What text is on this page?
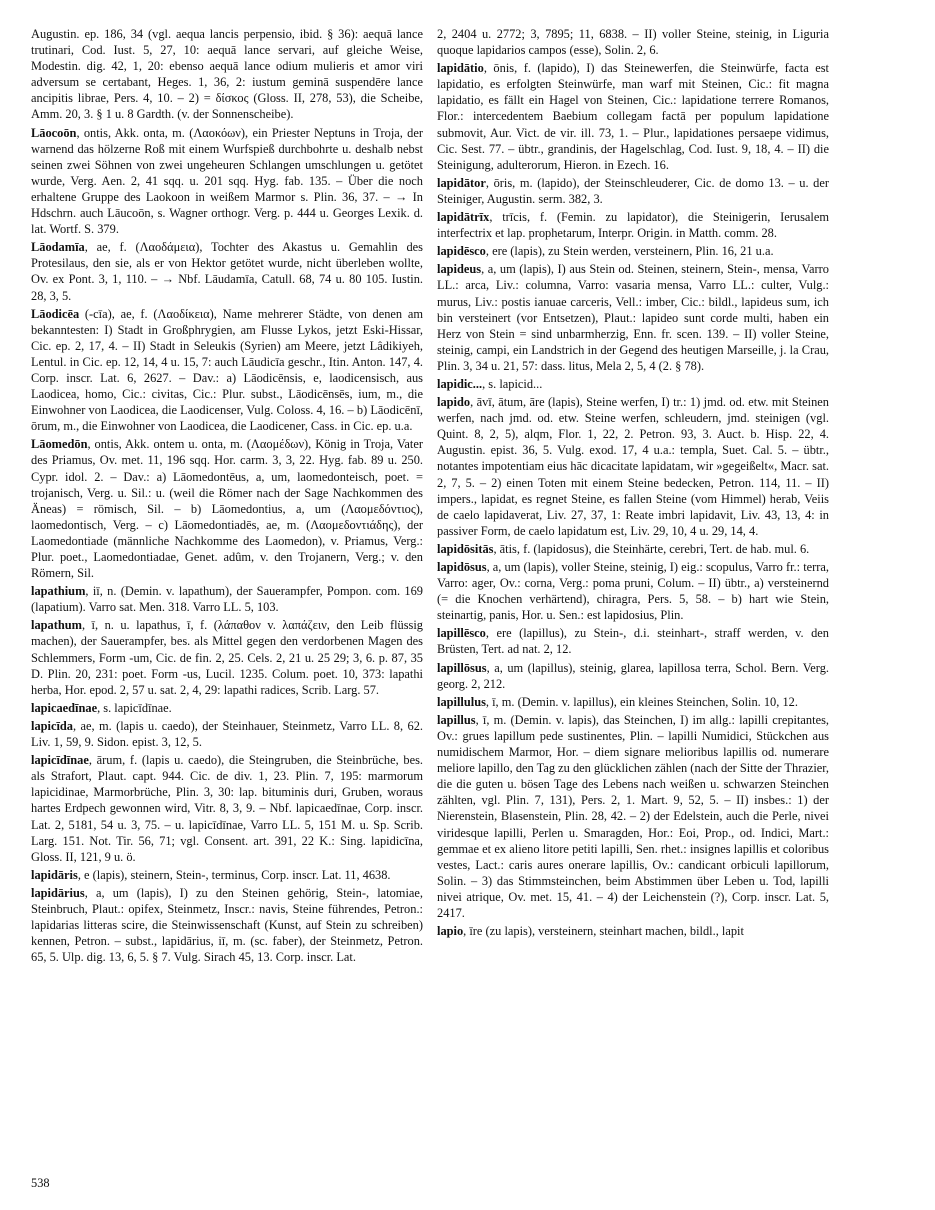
Augustin. ep. 186, 34 (vgl. aequa lancis perpensio, ibid. § 36): aequā lance trutinari, Cod. Iust. 5, 27, 10: aequā lance servari, auf gleiche Weise, Modestin. dig. 42, 1, 20: ebenso aequā lance odium mulieris et amor viri adversum se certabant, Heges. 1, 36, 2: iustum geminā suspendēre lance ancipitis librae, Pers. 4, 10. – 2) = δίσκος (Gloss. II, 278, 53), die Scheibe, Amm. 20, 3. § 1 u. 8 Gardth. (v. der Sonnenscheibe).

Lāocoōn, ontis, Akk. onta, m. (Λαοκόων), ein Priester Neptuns in Troja, der warnend das hölzerne Roß mit einem Wurfspieß durchbohrte u. deshalb nebst seinen zwei Söhnen von zwei ungeheuren Schlangen umschlungen u. getötet wurde, Verg. Aen. 2, 41 sqq. u. 201 sqq. Hyg. fab. 135. – Über die noch erhaltene Gruppe des Laokoon in weißem Marmor s. Plin. 36, 37. – → In Hdschrn. auch Lāucoōn, s. Wagner orthogr. Verg. p. 444 u. Georges Lexik. d. lat. Wortf. S. 379.

Lāodamīa, ae, f. (Λαοδάμεια), Tochter des Akastus u. Gemahlin des Protesilaus, den sie, als er von Hektor getötet wurde, nicht überleben wollte, Ov. ex Pont. 3, 1, 110. – → Nbf. Lāudamīa, Catull. 68, 74 u. 80 105. Iustin. 28, 3, 5.

Lāodicēa (-cīa), ae, f. (Λαοδίκεια), Name mehrerer Städte, von denen am bekanntesten: I) Stadt in Großphrygien, am Flusse Lykos, jetzt Eski-Hissar, Cic. ep. 2, 17, 4. – II) Stadt in Seleukis (Syrien) am Meere, jetzt Lâdikiyeh, Lentul. in Cic. ep. 12, 14, 4 u. 15, 7: auch Lāudicīa geschr., Itin. Anton. 147, 4. Corp. inscr. Lat. 6, 2627. – Dav.: a) Lāodicēnsis, e, laodicensisch, aus Laodicea, homo, Cic.: civitas, Cic.: Plur. subst., Lāodicēnsēs, ium, m., die Einwohner von Laodicea, die Laodicenser, Vulg. Coloss. 4, 16. – b) Lāodicēnī, ōrum, m., die Einwohner von Laodicea, die Laodicener, Cass. in Cic. ep. u.a.

Lāomedōn, ontis, Akk. ontem u. onta, m. (Λαομέδων), König in Troja, Vater des Priamus, Ov. met. 11, 196 sqq. Hor. carm. 3, 3, 22. Hyg. fab. 89 u. 250. Cypr. idol. 2. – Dav.: a) Lāomedontēus, a, um, laomedonteisch, poet. = trojanisch, Verg. u. Sil.: u. (weil die Römer nach der Sage Nachkommen des Äneas) = römisch, Sil. – b) Lāomedontius, a, um (Λαομεδόντιος), laomedontisch, Verg. – c) Lāomedontiadēs, ae, m. (Λαομεδοντιάδης), der Laomedontiade (männliche Nachkomme des Laomedon), v. Priamus, Verg.: Plur. poet., Laomedontiadae, Genet. adûm, v. den Trojanern, Verg.; v. den Römern, Sil.

lapathium, iī, n. (Demin. v. lapathum), der Sauerampfer, Pompon. com. 169 (lapatium). Varro sat. Men. 318. Varro LL. 5, 103.

lapathum, ī, n. u. lapathus, ī, f. (λάπαθον v. λαπάζειν, den Leib flüssig machen), der Sauerampfer, bes. als Mittel gegen den verdorbenen Magen des Schlemmers, Form -um, Cic. de fin. 2, 25. Cels. 2, 21 u. 25 29; 3, 6. p. 87, 35 D. Plin. 20, 231: poet. Form -us, Lucil. 1235. Colum. poet. 10, 373: lapathi herba, Hor. epod. 2, 57 u. sat. 2, 4, 29: lapathi radices, Scrib. Larg. 57.

lapicaedīnae, s. lapicīdīnae.

lapicīda, ae, m. (lapis u. caedo), der Steinhauer, Steinmetz, Varro LL. 8, 62. Liv. 1, 59, 9. Sidon. epist. 3, 12, 5.

lapicīdīnae, ārum, f. (lapis u. caedo), die Steingruben, die Steinbrüche, bes. als Strafort, Plaut. capt. 944. Cic. de div. 1, 23. Plin. 7, 195: marmorum lapicidinae, Marmorbrüche, Plin. 3, 30: lap. bituminis duri, Gruben, woraus hartes Erdpech gewonnen wird, Vitr. 8, 3, 9. – Nbf. lapicaedīnae, Corp. inscr. Lat. 2, 5181, 54 u. 3, 75. – u. lapicīdīnae, Varro LL. 5, 151 M. u. Sp. Scrib. Larg. 151. Not. Tir. 56, 71; vgl. Consent. art. 391, 22 K.: Sing. lapidicīna, Gloss. II, 121, 9 u. ö.

lapidāris, e (lapis), steinern, Stein-, terminus, Corp. inscr. Lat. 11, 4638.

lapidārius, a, um (lapis), I) zu den Steinen gehörig, Stein-, latomiae, Steinbruch, Plaut.: opifex, Steinmetz, Inscr.: navis, Steine führendes, Petron.: lapidarias litteras scire, die Steinwissenschaft (Kunst, auf Stein zu schreiben) kennen, Petron. – subst., lapidārius, iī, m. (sc. faber), der Steinmetz, Petron. 65, 5. Ulp. dig. 13, 6, 5. § 7. Vulg. Sirach 45, 13. Corp. inscr. Lat.

2, 2404 u. 2772; 3, 7895; 11, 6838. – II) voller Steine, steinig, in Liguria quoque lapidarios campos (esse), Solin. 2, 6.

lapidātio, ōnis, f. (lapido), I) das Steinewerfen, die Steinwürfe, facta est lapidatio, es erfolgten Steinwürfe, man warf mit Steinen, Cic.: fit magna lapidatio, es fällt ein Hagel von Steinen, Cic.: lapidatione terrere Romanos, Flor.: intercedentem Baebium collegam factā per populum lapidatione submovit, Aur. Vict. de vir. ill. 73, 1. – Plur., lapidationes persaepe vidimus, Cic. Sest. 77. – übtr., grandinis, der Hagelschlag, Cod. Iust. 9, 18, 4. – II) die Steinigung, adulterorum, Hieron. in Ezech. 16.

lapidātor, ōris, m. (lapido), der Steinschleuderer, Cic. de domo 13. – u. der Steiniger, Augustin. serm. 382, 3.

lapidātrīx, trīcis, f. (Femin. zu lapidator), die Steinigerin, Ierusalem interfectrix et lap. prophetarum, Interpr. Origin. in Matth. comm. 28.

lapidēsco, ere (lapis), zu Stein werden, versteinern, Plin. 16, 21 u.a.

lapideus, a, um (lapis), I) aus Stein od. Steinen, steinern, Stein-, mensa, Varro LL.: arca, Liv.: columna, Varro: vasaria mensa, Varro LL.: culter, Vulg.: murus, Liv.: postis ianuae carceris, Vell.: imber, Cic.: bildl., lapideus sum, ich bin versteinert (vor Entsetzen), Plaut.: lapideo sunt corde multi, haben ein Herz von Stein = sind unbarmherzig, Enn. fr. scen. 139. – II) voller Steine, steinig, campi, ein Landstrich in der Gegend des heutigen Marseille, j. la Crau, Plin. 3, 34 u. 21, 57: dass. litus, Mela 2, 5, 4 (2. § 78).

lapidic..., s. lapicid...

lapido, āvī, ātum, āre (lapis), Steine werfen, I) tr.: 1) jmd. od. etw. mit Steinen werfen, nach jmd. od. etw. Steine werfen, schleudern, jmd. steinigen (vgl. Quint. 8, 2, 5), alqm, Flor. 1, 22, 2. Petron. 93, 3. Auct. b. Hisp. 22, 4. Augustin. epist. 36, 5. Vulg. exod. 17, 4 u.a.: templa, Suet. Cal. 5. – übtr., notantes impotentiam eius hāc dicacitate lapidatam, wir »gegeißelt«, Macr. sat. 2, 7, 5. – 2) einen Toten mit einem Steine bedecken, Petron. 114, 11. – II) impers., lapidat, es regnet Steine, es fallen Steine (vom Himmel) herab, Veiis de caelo lapidaverat, Liv. 27, 37, 1: Reate imbri lapidavit, Liv. 43, 13, 4: in passiver Form, de caelo lapidatum est, Liv. 29, 10, 4 u. 29, 14, 4.

lapidōsitās, ātis, f. (lapidosus), die Steinhärte, cerebri, Tert. de hab. mul. 6.

lapidōsus, a, um (lapis), voller Steine, steinig, I) eig.: scopulus, Varro fr.: terra, Varro: ager, Ov.: corna, Verg.: poma pruni, Colum. – II) übtr., a) versteinernd (= die Knochen verhärtend), chiragra, Pers. 5, 58. – b) hart wie Stein, steinartig, panis, Hor. u. Sen.: est lapidosius, Plin.

lapillēsco, ere (lapillus), zu Stein-, d.i. steinhart-, straff werden, v. den Brüsten, Tert. ad nat. 2, 12.

lapillōsus, a, um (lapillus), steinig, glarea, lapillosa terra, Schol. Bern. Verg. georg. 2, 212.

lapillulus, ī, m. (Demin. v. lapillus), ein kleines Steinchen, Solin. 10, 12.

lapillus, ī, m. (Demin. v. lapis), das Steinchen, I) im allg.: lapilli crepitantes, Ov.: grues lapillum pede sustinentes, Plin. – lapilli Numidici, Stückchen aus numidischem Marmor, Hor. – diem signare melioribus lapillis od. numerare meliore lapillo, den Tag zu den glücklichen zählen (nach der Sitte der Thrazier, die die guten u. bösen Tage des Lebens nach weißen u. schwarzen Steinchen zählten, vgl. Plin. 7, 131), Pers. 2, 1. Mart. 9, 52, 5. – II) insbes.: 1) der Nierenstein, Blasenstein, Plin. 28, 42. – 2) der Edelstein, auch die Perle, nivei viridesque lapilli, Perlen u. Smaragden, Hor.: Eoi, Prop., od. Indici, Mart.: gemmae et ex alieno litore petiti lapilli, Sen. rhet.: insignes lapillis et coloribus vestes, Lact.: caris aures onerare lapillis, Ov.: candicant orbiculi lapillorum, Solin. – 3) das Stimmsteinchen, beim Abstimmen über Leben u. Tod, lapilli nivei atrique, Ov. met. 15, 41. – 4) der Leichenstein (?), Corp. inscr. Lat. 5, 2417.

lapio, īre (zu lapis), versteinern, steinhart machen, bildl., lapit

538
